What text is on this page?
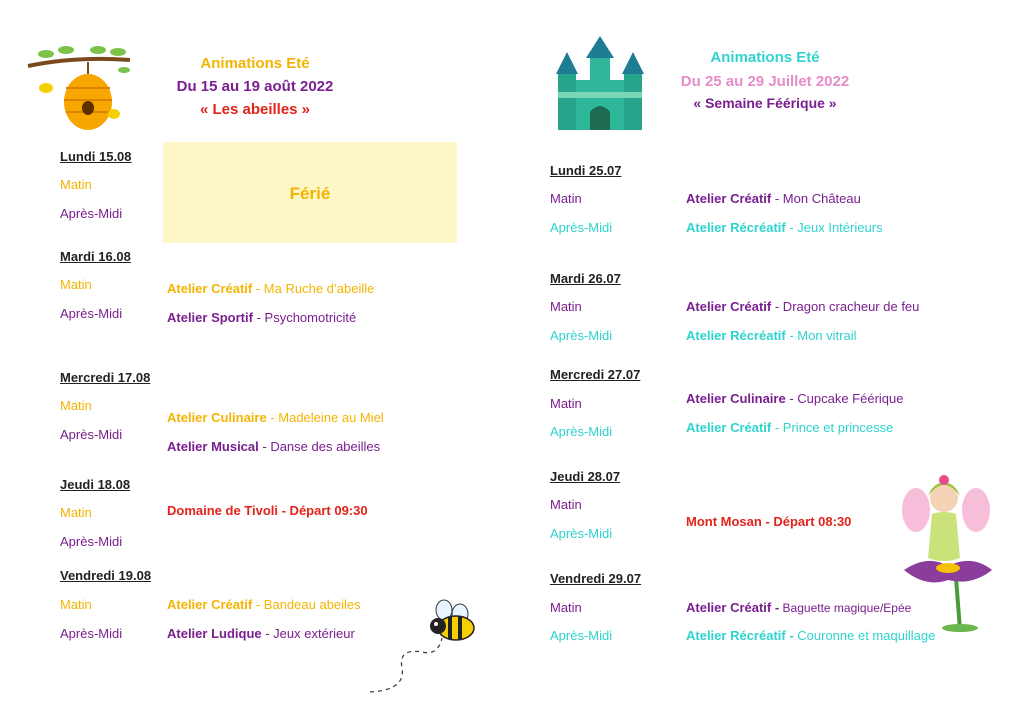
Animations Eté
Du 15 au 19 août 2022
« Les abeilles »
Lundi 15.08
Matin
Après-Midi
Férié
Mardi 16.08
Matin
Après-Midi
Atelier Créatif - Ma Ruche d’abeille
Atelier Sportif - Psychomotricité
Mercredi 17.08
Matin
Après-Midi
Atelier Culinaire - Madeleine au Miel
Atelier Musical - Danse des abeilles
Jeudi 18.08
Matin
Après-Midi
Domaine de Tivoli - Départ 09:30
Vendredi 19.08
Matin
Après-Midi
Atelier Créatif - Bandeau abeiles
Atelier Ludique - Jeux extérieur
Animations Eté
Du 25 au 29 Juillet 2022
« Semaine Féérique »
Lundi 25.07
Matin
Après-Midi
Atelier Créatif - Mon Château
Atelier Récréatif - Jeux Intérieurs
Mardi 26.07
Matin
Après-Midi
Atelier Créatif - Dragon cracheur de feu
Atelier Récréatif - Mon vitrail
Mercredi 27.07
Matin
Après-Midi
Atelier Culinaire - Cupcake Féérique
Atelier Créatif - Prince et princesse
Jeudi 28.07
Matin
Après-Midi
Mont Mosan - Départ 08:30
Vendredi 29.07
Matin
Après-Midi
Atelier Créatif - Baguette magique/Epée
Atelier Récréatif - Couronne et maquillage
